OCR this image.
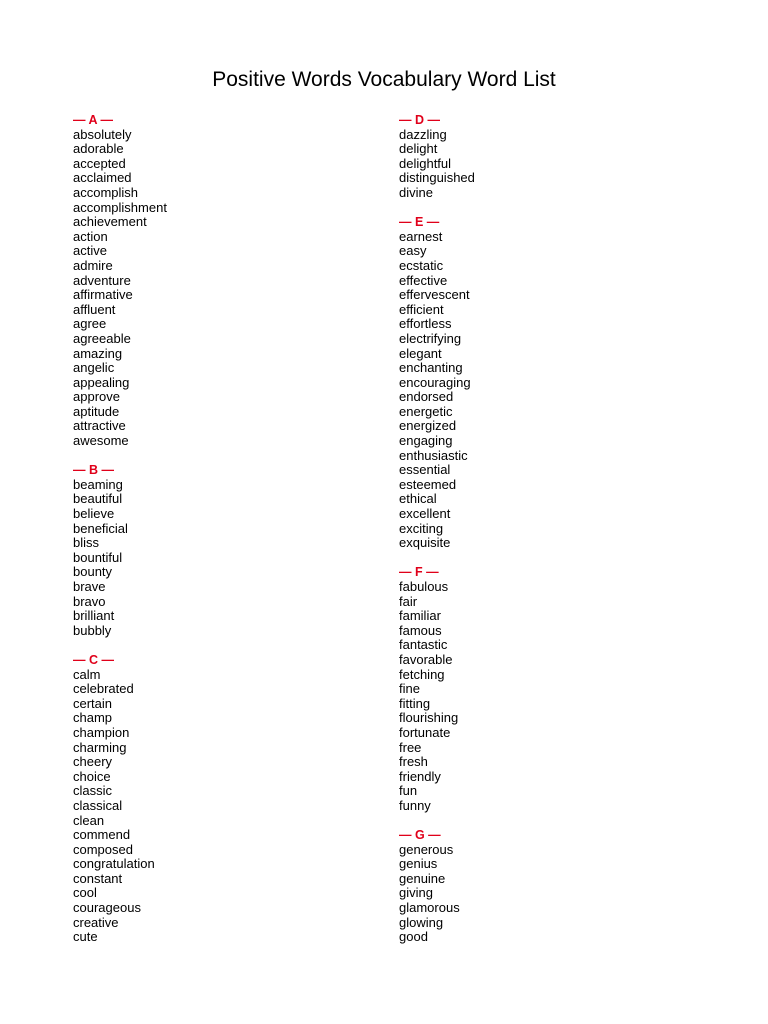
Positive Words Vocabulary Word List
— A —
absolutely
adorable
accepted
acclaimed
accomplish
accomplishment
achievement
action
active
admire
adventure
affirmative
affluent
agree
agreeable
amazing
angelic
appealing
approve
aptitude
attractive
awesome
— B —
beaming
beautiful
believe
beneficial
bliss
bountiful
bounty
brave
bravo
brilliant
bubbly
— C —
calm
celebrated
certain
champ
champion
charming
cheery
choice
classic
classical
clean
commend
composed
congratulation
constant
cool
courageous
creative
cute
— D —
dazzling
delight
delightful
distinguished
divine
— E —
earnest
easy
ecstatic
effective
effervescent
efficient
effortless
electrifying
elegant
enchanting
encouraging
endorsed
energetic
energized
engaging
enthusiastic
essential
esteemed
ethical
excellent
exciting
exquisite
— F —
fabulous
fair
familiar
famous
fantastic
favorable
fetching
fine
fitting
flourishing
fortunate
free
fresh
friendly
fun
funny
— G —
generous
genius
genuine
giving
glamorous
glowing
good
